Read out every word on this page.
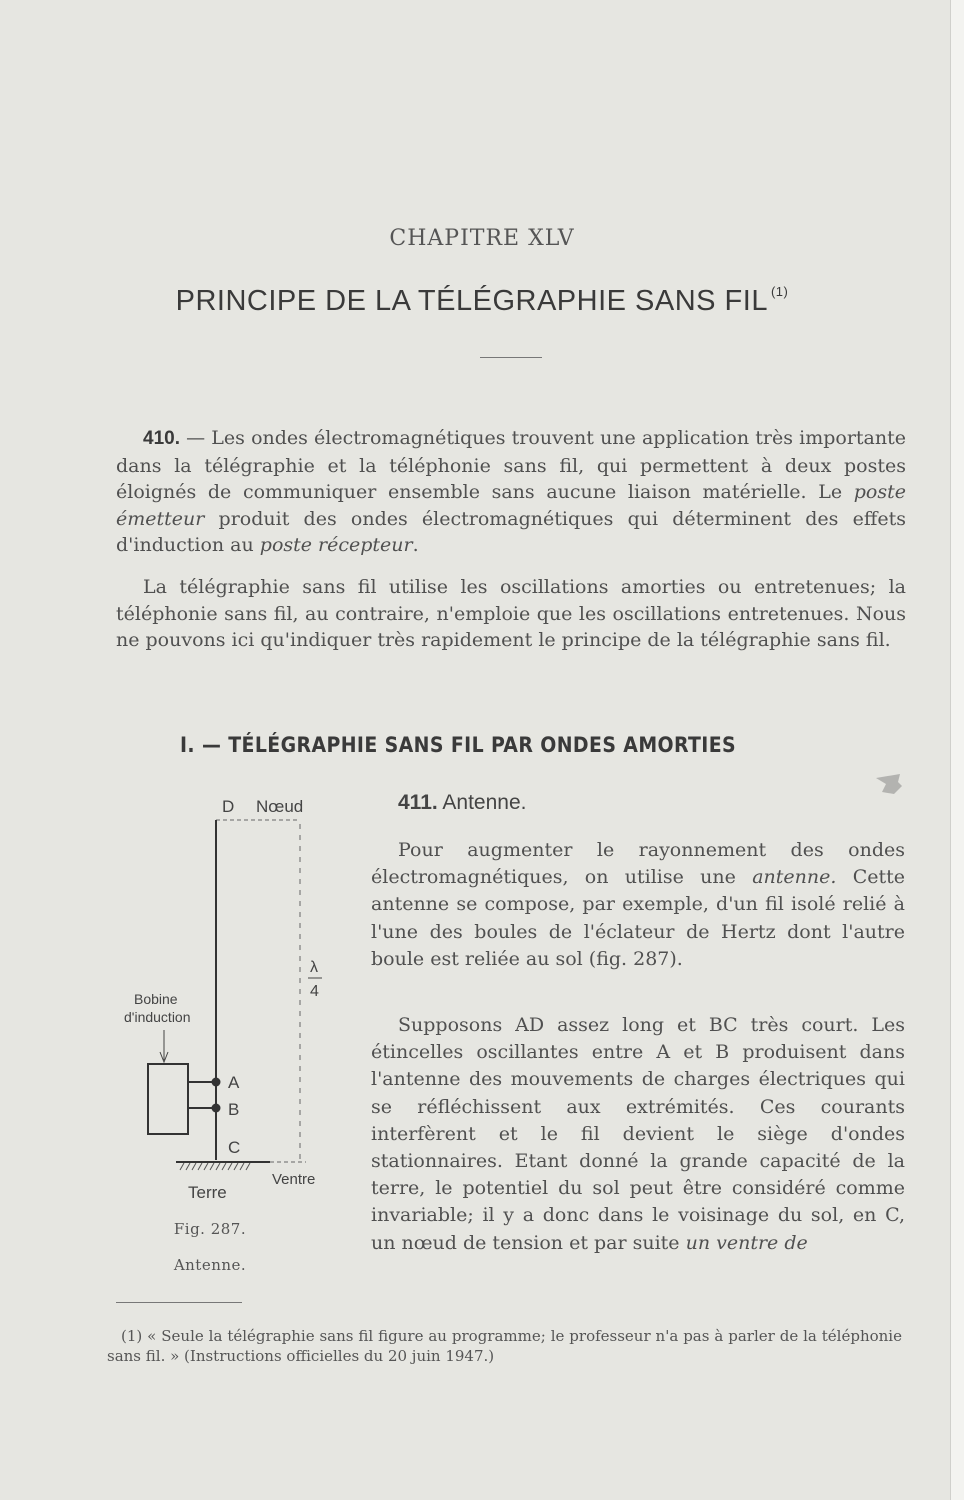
CHAPITRE XLV
PRINCIPE DE LA TÉLÉGRAPHIE SANS FIL $^{(1)}$
410. — Les ondes électromagnétiques trouvent une application très importante dans la télégraphie et la téléphonie sans fil, qui permettent à deux postes éloignés de communiquer ensemble sans aucune liaison matérielle. Le poste émetteur produit des ondes électromagnétiques qui déterminent des effets d'induction au poste récepteur.
La télégraphie sans fil utilise les oscillations amorties ou entretenues; la téléphonie sans fil, au contraire, n'emploie que les oscillations entretenues. Nous ne pouvons ici qu'indiquer très rapidement le principe de la télégraphie sans fil.
I. — TÉLÉGRAPHIE SANS FIL PAR ONDES AMORTIES
411. Antenne.
Pour augmenter le rayonnement des ondes électromagnétiques, on utilise une antenne. Cette antenne se compose, par exemple, d'un fil isolé relié à l'une des boules de l'éclateur de Hertz dont l'autre boule est reliée au sol (fig. 287).
Supposons AD assez long et BC très court. Les étincelles oscillantes entre A et B produisent dans l'antenne des mouvements de charges électriques qui se réfléchissent aux extrémités. Ces courants interfèrent et le fil devient le siège d'ondes stationnaires. Etant donné la grande capacité de la terre, le potentiel du sol peut être considéré comme invariable; il y a donc dans le voisinage du sol, en C, un nœud de tension et par suite un ventre de
D Nœud
λ
4
Bobine
d'induction
A
B
C
Ventre
Terre
Fig. 287.
Antenne.
(1) « Seule la télégraphie sans fil figure au programme; le professeur n'a pas à parler de la téléphonie sans fil. » (Instructions officielles du 20 juin 1947.)
